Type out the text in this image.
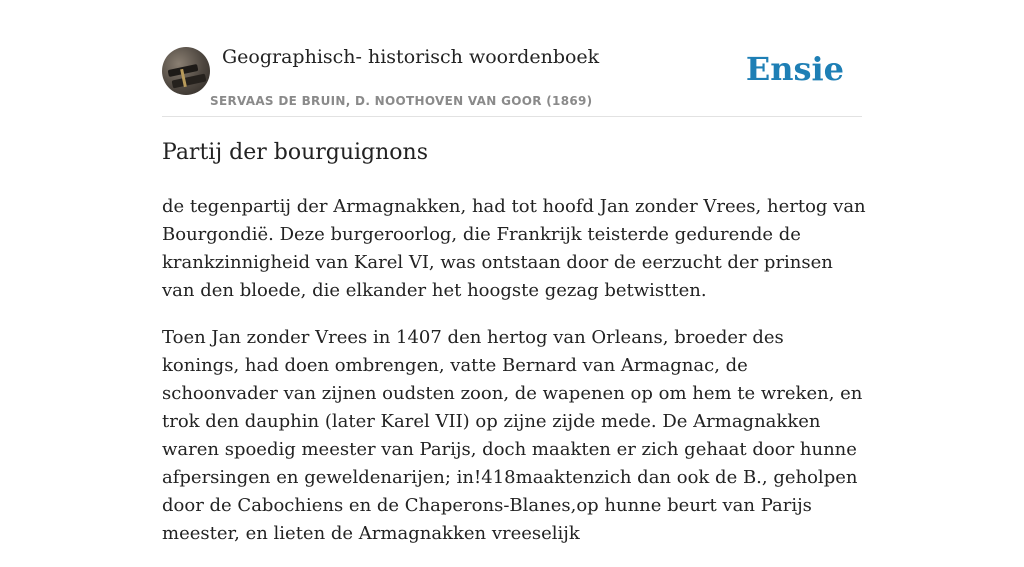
Geographisch- historisch woordenboek
SERVAAS DE BRUIN, D. NOOTHOVEN VAN GOOR (1869)
Ensie
Partij der bourguignons

de tegenpartij der Armagnakken, had tot hoofd Jan zonder Vrees, hertog van Bourgondië. Deze burgeroorlog, die Frankrijk teisterde gedurende de krankzinnigheid van Karel VI, was ontstaan door de eerzucht der prinsen van den bloede, die elkander het hoogste gezag betwistten.

Toen Jan zonder Vrees in 1407 den hertog van Orleans, broeder des konings, had doen ombrengen, vatte Bernard van Armagnac, de schoonvader van zijnen oudsten zoon, de wapenen op om hem te wreken, en trok den dauphin (later Karel VII) op zijne zijde mede. De Armagnakken waren spoedig meester van Parijs, doch maakten er zich gehaat door hunne afpersingen en geweldenarijen; in!418maaktenzich dan ook de B., geholpen door de Cabochiens en de Chaperons-Blanes,op hunne beurt van Parijs meester, en lieten de Armagnakken vreeselijk
